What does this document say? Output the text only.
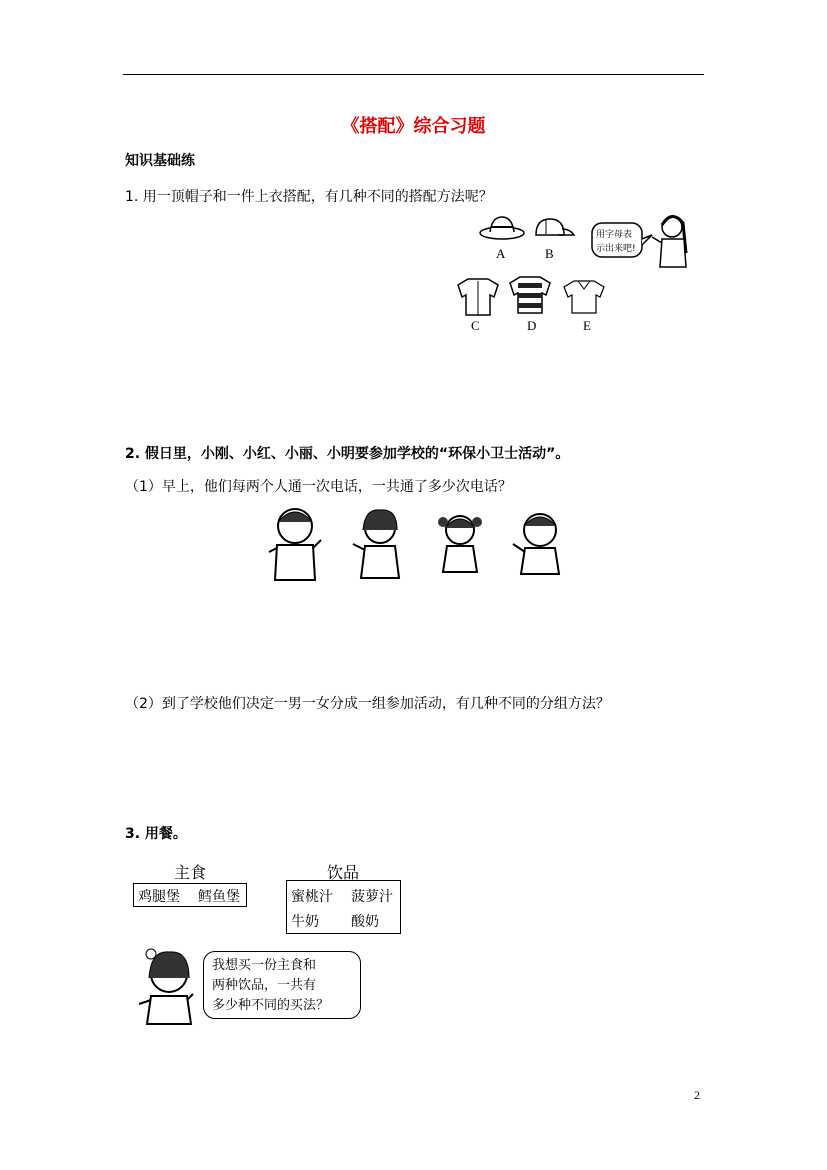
《搭配》综合习题
知识基础练
1. 用一顶帽子和一件上衣搭配，有几种不同的搭配方法呢？
A	B
用字母表
示出来吧!
C	D	E
2. 假日里，小刚、小红、小丽、小明要参加学校的“环保小卫士活动”。
（1）早上，他们每两个人通一次电话，一共通了多少次电话？
（2）到了学校他们决定一男一女分成一组参加活动，有几种不同的分组方法？
3. 用餐。
主食
鸡腿堡 鳕鱼堡
饮品
蜜桃汁 菠萝汁
牛奶 酸奶
我想买一份主食和
两种饮品，一共有
多少种不同的买法？
2
